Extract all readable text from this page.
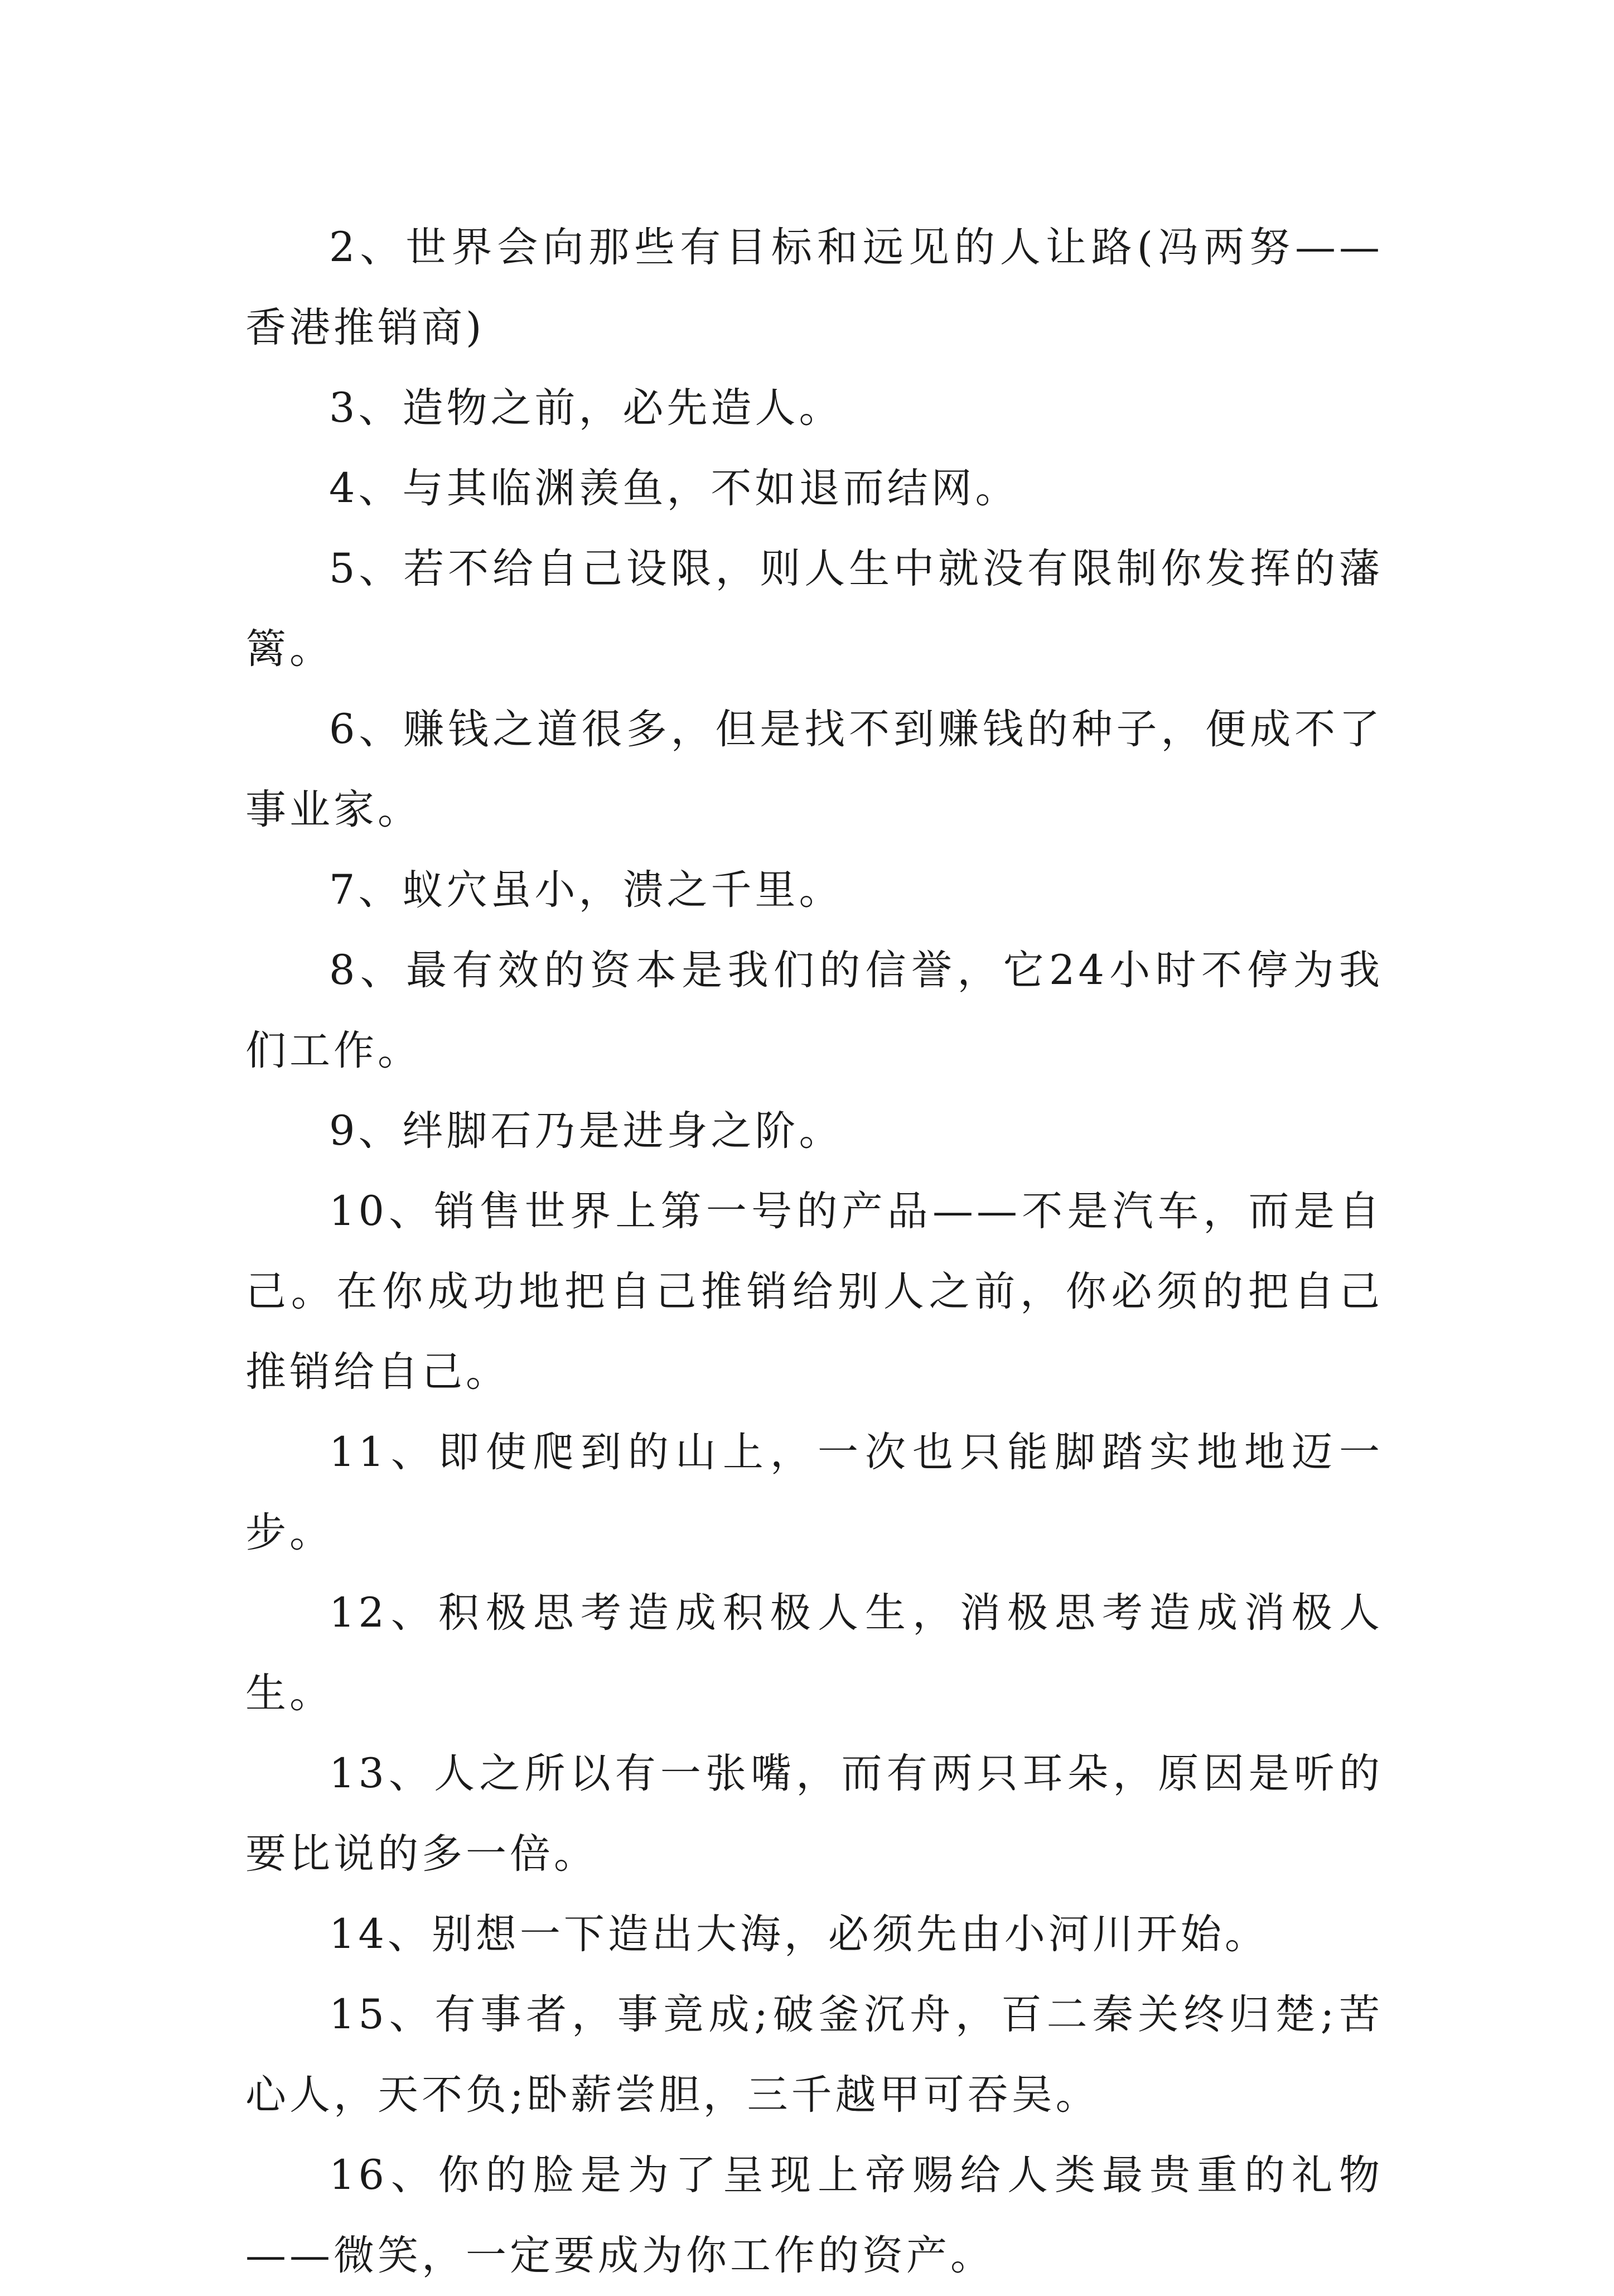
2、世界会向那些有目标和远见的人让路(冯两努——香港推销商)

3、造物之前，必先造人。

4、与其临渊羡鱼，不如退而结网。

5、若不给自己设限，则人生中就没有限制你发挥的藩篱。

6、赚钱之道很多，但是找不到赚钱的种子，便成不了事业家。

7、蚁穴虽小，溃之千里。

8、最有效的资本是我们的信誉，它24小时不停为我们工作。

9、绊脚石乃是进身之阶。

10、销售世界上第一号的产品——不是汽车，而是自己。在你成功地把自己推销给别人之前，你必须的把自己推销给自己。

11、即使爬到的山上，一次也只能脚踏实地地迈一步。

12、积极思考造成积极人生，消极思考造成消极人生。

13、人之所以有一张嘴，而有两只耳朵，原因是听的要比说的多一倍。

14、别想一下造出大海，必须先由小河川开始。

15、有事者，事竟成;破釜沉舟，百二秦关终归楚;苦心人，天不负;卧薪尝胆，三千越甲可吞吴。

16、你的脸是为了呈现上帝赐给人类最贵重的礼物——微笑，一定要成为你工作的资产。
